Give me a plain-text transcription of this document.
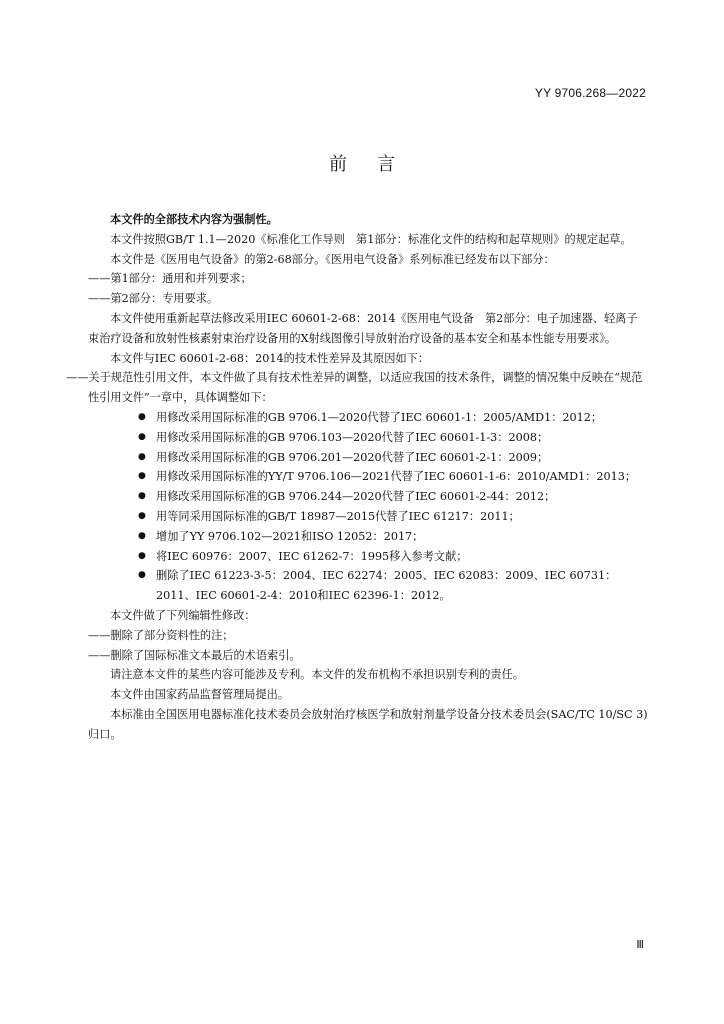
YY 9706.268—2022
前言

本文件的全部技术内容为强制性。

本文件按照GB/T 1.1—2020《标准化工作导则　第1部分：标准化文件的结构和起草规则》的规定起草。

本文件是《医用电气设备》的第2-68部分。《医用电气设备》系列标准已经发布以下部分：

——第1部分：通用和并列要求；

——第2部分：专用要求。

本文件使用重新起草法修改采用IEC 60601-2-68：2014《医用电气设备　第2部分：电子加速器、轻离子束治疗设备和放射性核素射束治疗设备用的X射线图像引导放射治疗设备的基本安全和基本性能专用要求》。

本文件与IEC 60601-2-68：2014的技术性差异及其原因如下：

——关于规范性引用文件，本文件做了具有技术性差异的调整，以适应我国的技术条件，调整的情况集中反映在“规范性引用文件”一章中，具体调整如下：

● 用修改采用国际标准的GB 9706.1—2020代替了IEC 60601-1：2005/AMD1：2012；
● 用修改采用国际标准的GB 9706.103—2020代替了IEC 60601-1-3：2008；
● 用修改采用国际标准的GB 9706.201—2020代替了IEC 60601-2-1：2009；
● 用修改采用国际标准的YY/T 9706.106—2021代替了IEC 60601-1-6：2010/AMD1：2013；
● 用修改采用国际标准的GB 9706.244—2020代替了IEC 60601-2-44：2012；
● 用等同采用国际标准的GB/T 18987—2015代替了IEC 61217：2011；
● 增加了YY 9706.102—2021和ISO 12052：2017；
● 将IEC 60976：2007、IEC 61262-7：1995移入参考文献；
● 删除了IEC 61223-3-5：2004、IEC 62274：2005、IEC 62083：2009、IEC 60731：2011、IEC 60601-2-4：2010和IEC 62396-1：2012。

本文件做了下列编辑性修改：

——删除了部分资料性的注；

——删除了国际标准文本最后的术语索引。

请注意本文件的某些内容可能涉及专利。本文件的发布机构不承担识别专利的责任。

本文件由国家药品监督管理局提出。

本标准由全国医用电器标准化技术委员会放射治疗核医学和放射剂量学设备分技术委员会(SAC/TC 10/SC 3)归口。

Ⅲ
